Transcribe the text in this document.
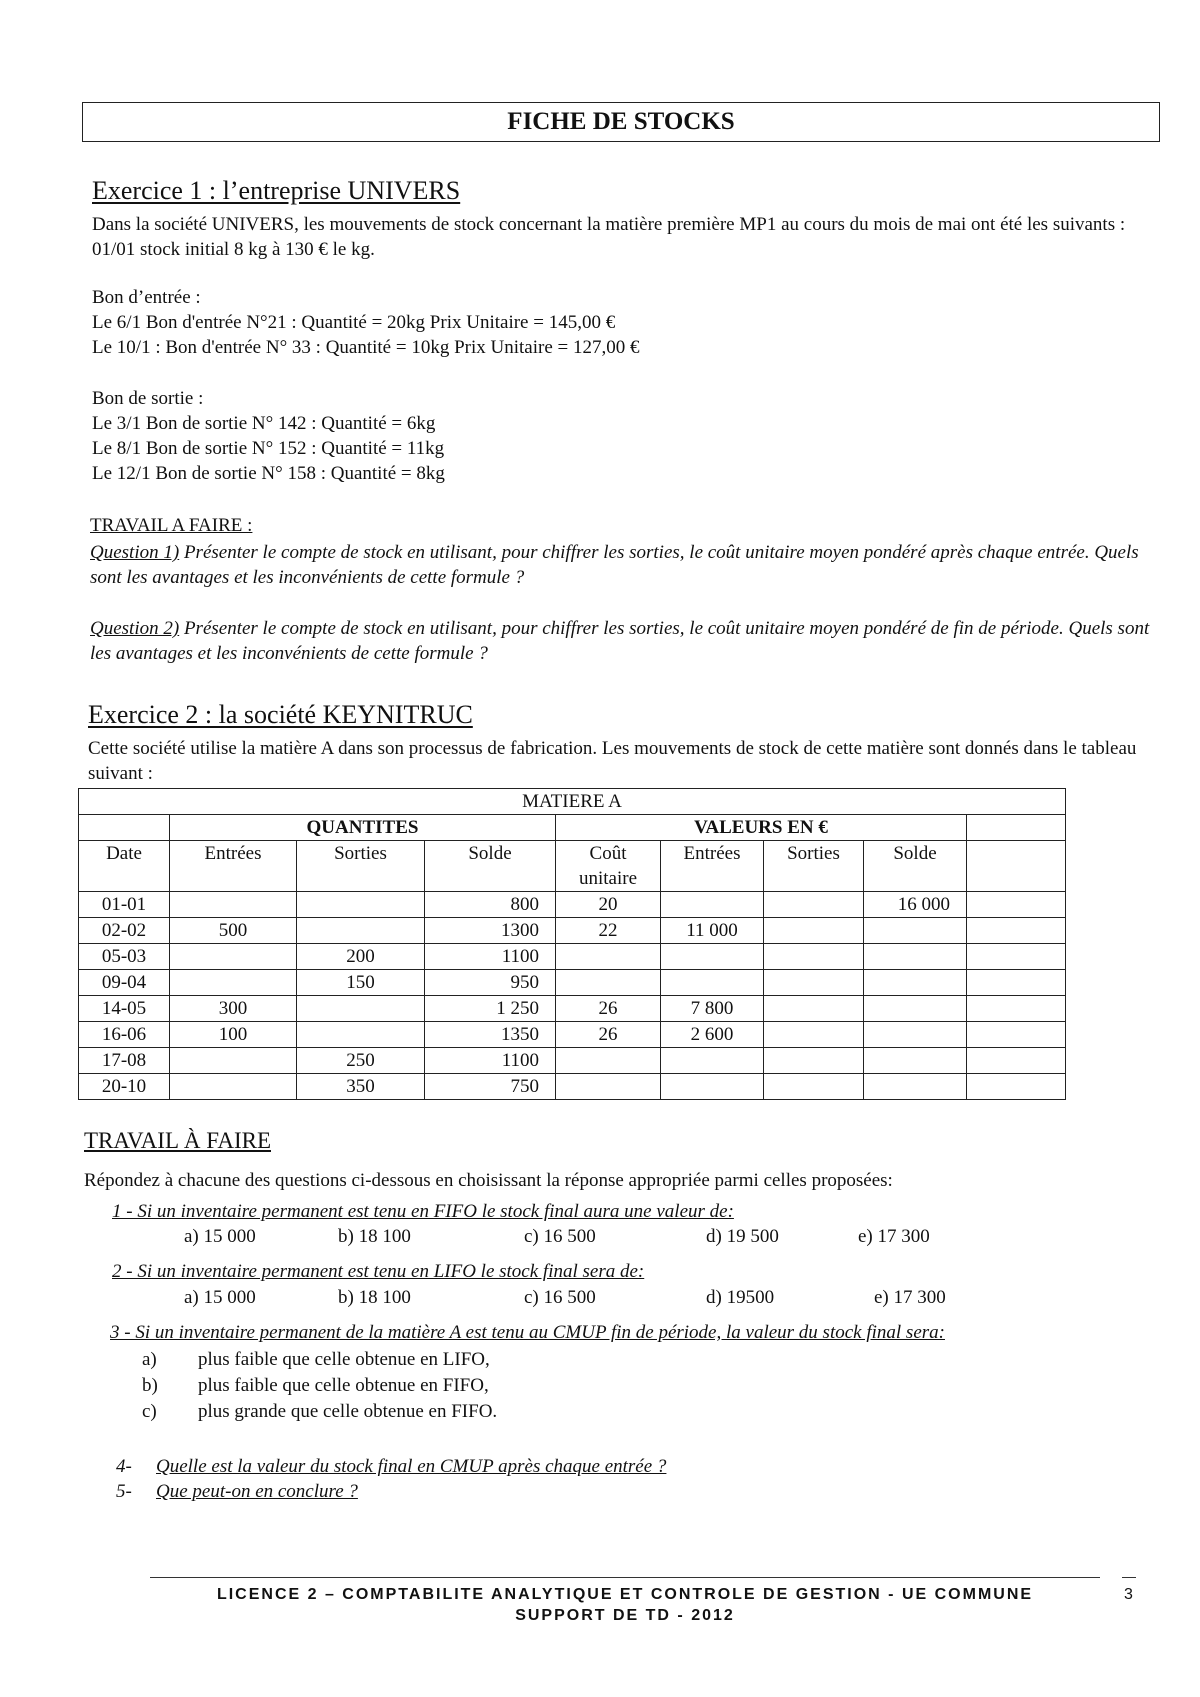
FICHE DE STOCKS
Exercice 1 : l’entreprise UNIVERS
Dans la société UNIVERS, les mouvements de stock concernant la matière première MP1 au cours du mois de mai ont été les suivants : 01/01 stock initial 8 kg à 130 € le kg.
Bon d’entrée :
Le 6/1 Bon d'entrée N°21 : Quantité = 20kg Prix Unitaire = 145,00 €
Le 10/1 : Bon d'entrée N° 33 : Quantité = 10kg Prix Unitaire = 127,00 €
Bon de sortie :
Le 3/1 Bon de sortie N° 142 : Quantité = 6kg
Le 8/1 Bon de sortie N° 152 : Quantité = 11kg
Le 12/1 Bon de sortie N° 158 : Quantité = 8kg
TRAVAIL A FAIRE :
Question 1) Présenter le compte de stock en utilisant, pour chiffrer les sorties, le coût unitaire moyen pondéré après chaque entrée. Quels sont les avantages et les inconvénients de cette formule ?
Question 2) Présenter le compte de stock en utilisant, pour chiffrer les sorties, le coût unitaire moyen pondéré de fin de période. Quels sont les avantages et les inconvénients de cette formule ?
Exercice 2 : la société KEYNITRUC
Cette société utilise la matière A dans son processus de fabrication. Les mouvements de stock de cette matière sont donnés dans le tableau suivant :
MATIERE A								
	QUANTITES			VALEURS EN €				
Date	Entrées	Sorties	Solde	Coût unitaire	Entrées	Sorties	Solde	
01-01			800	20			16 000	
02-02	500		1300	22	11 000			
05-03		200	1100					
09-04		150	950					
14-05	300		1 250	26	7 800			
16-06	100		1350	26	2 600			
17-08		250	1100					
20-10		350	750					
TRAVAIL À FAIRE
Répondez à chacune des questions ci-dessous en choisissant la réponse appropriée parmi celles proposées:
1 - Si un inventaire permanent est tenu en FIFO le stock final aura une valeur de:
a) 15 000	b) 18 100	c) 16 500	d) 19 500	e) 17 300
2 - Si un inventaire permanent est tenu en LIFO le stock final sera de:
a) 15 000	b) 18 100	c) 16 500	d) 19500	e) 17 300
3 - Si un inventaire permanent de la matière A est tenu au CMUP fin de période, la valeur du stock final sera:
a) plus faible que celle obtenue en LIFO,
b) plus faible que celle obtenue en FIFO,
c) plus grande que celle obtenue en FIFO.
4- Quelle est la valeur du stock final en CMUP après chaque entrée ?
5- Que peut-on en conclure ?
LICENCE 2 – COMPTABILITE ANALYTIQUE ET CONTROLE DE GESTION - UE COMMUNE
SUPPORT DE TD - 2012
3
